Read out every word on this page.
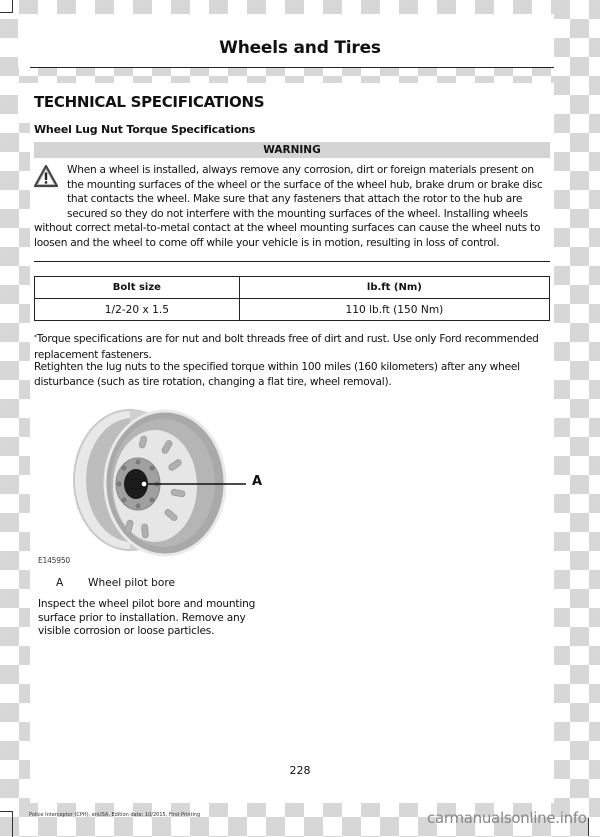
Wheels and Tires
TECHNICAL SPECIFICATIONS
Wheel Lug Nut Torque Specifications
WARNING
When a wheel is installed, always remove any corrosion, dirt or foreign materials present on the mounting surfaces of the wheel or the surface of the wheel hub, brake drum or brake disc that contacts the wheel. Make sure that any fasteners that attach the rotor to the hub are secured so they do not interfere with the mounting surfaces of the wheel. Installing wheels without correct metal-to-metal contact at the wheel mounting surfaces can cause the wheel nuts to loosen and the wheel to come off while your vehicle is in motion, resulting in loss of control.
Bolt size	lb.ft (Nm)
1/2-20 x 1.5	110 lb.ft (150 Nm)
*Torque specifications are for nut and bolt threads free of dirt and rust. Use only Ford recommended replacement fasteners.
Retighten the lug nuts to the specified torque within 100 miles (160 kilometers) after any wheel disturbance (such as tire rotation, changing a flat tire, wheel removal).
A
E145950
A Wheel pilot bore
Inspect the wheel pilot bore and mounting surface prior to installation. Remove any visible corrosion or loose particles.
228
Police Interceptor (CPH), enUSA, Edition date: 10/2015, First Printing	carmanualsonline.info
